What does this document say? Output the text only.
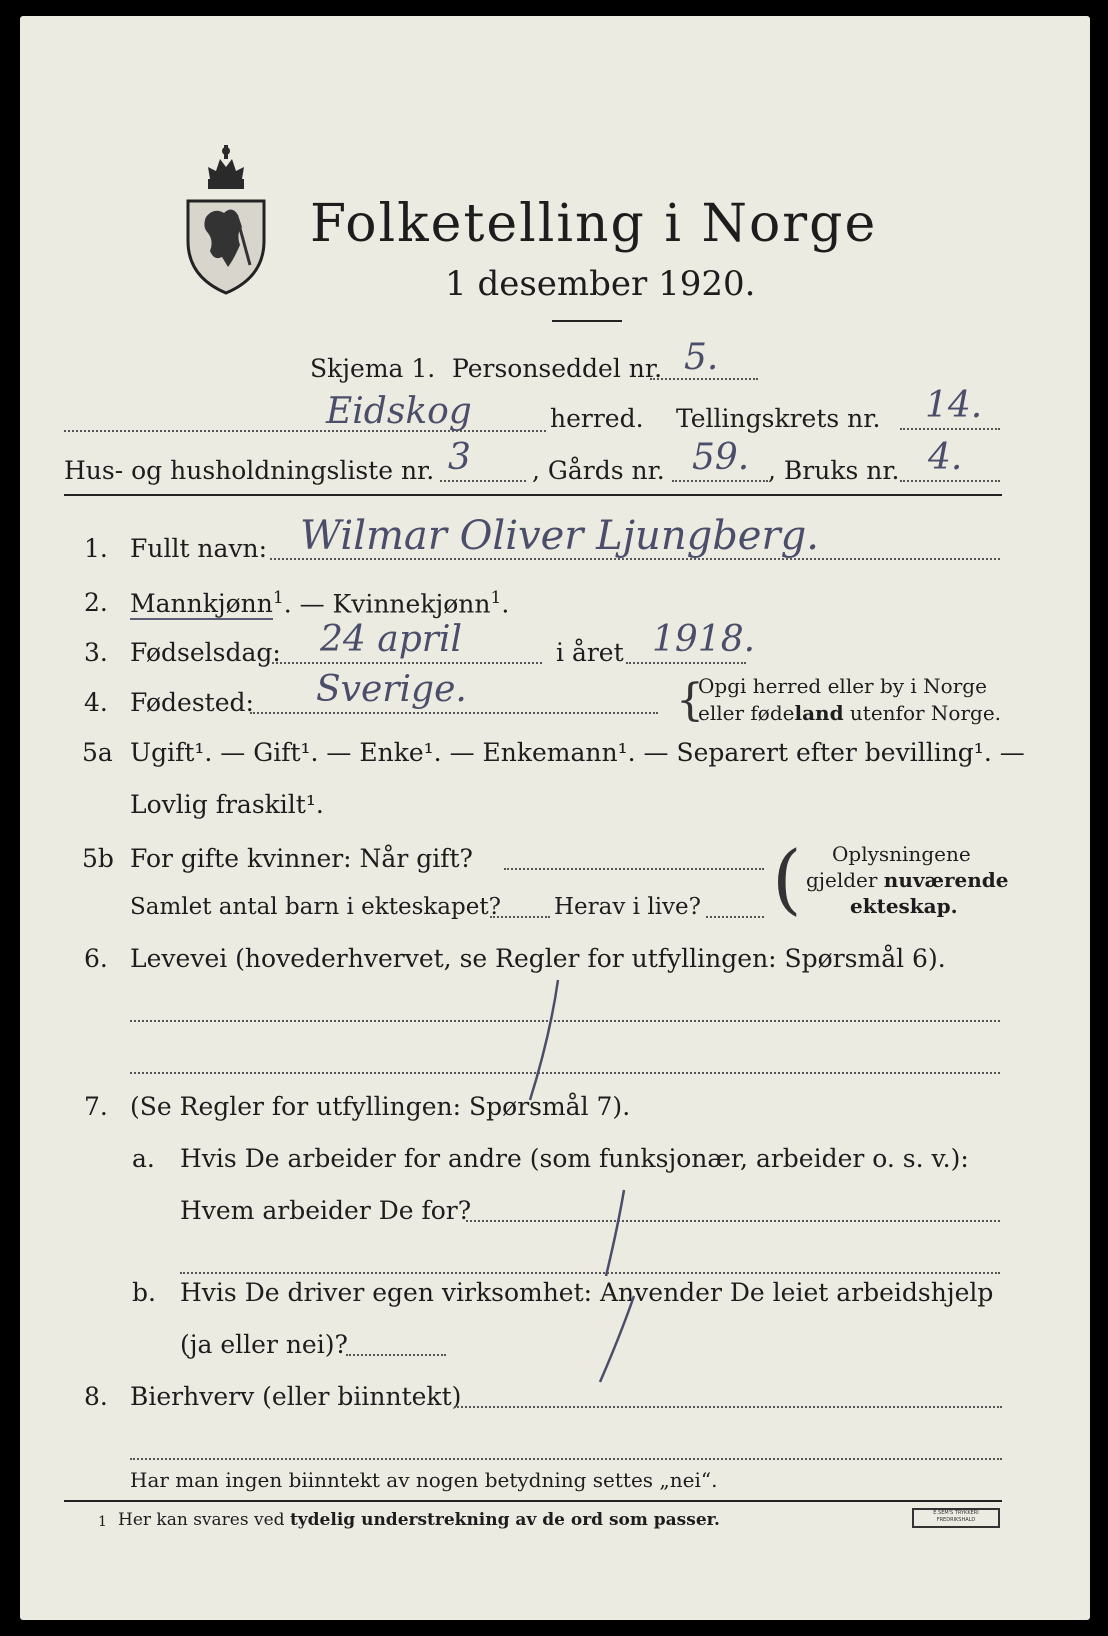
Folketelling i Norge
1 desember 1920.
Skjema 1. Personseddel nr. 5.
Eidskog	herred. Tellingskrets nr. 14.
Hus- og husholdningsliste nr. 3 , Gårds nr. 59. , Bruks nr. 4.
1. Fullt navn: Wilmar Oliver Ljungberg.
2. Mannkjønn$^1$. — Kvinnekjønn$^1$.
3. Fødselsdag: 24 april	i året 1918.
4. Fødested: Sverige.	{
Opgi herred eller by i Norge
eller fødeland utenfor Norge.
5a Ugift¹. — Gift¹. — Enke¹. — Enkemann¹. — Separert efter bevilling¹. —
Lovlig fraskilt¹.
5b For gifte kvinner: Når gift?
Samlet antal barn i ekteskapet? Herav i live? ( Oplysningene
gjelder nuværende
ekteskap.
6. Levevei (hovederhvervet, se Regler for utfyllingen: Spørsmål 6).
7. (Se Regler for utfyllingen: Spørsmål 7).
a. Hvis De arbeider for andre (som funksjonær, arbeider o. s. v.):
Hvem arbeider De for?
b. Hvis De driver egen virksomhet: Anvender De leiet arbeidshjelp
(ja eller nei)?
8. Bierhverv (eller biinntekt)
Har man ingen biinntekt av nogen betydning settes „nei“.
1 Her kan svares ved tydelig understrekning av de ord som passer.	E.SEM'S TRYKKERI FREDRIKSHALD
